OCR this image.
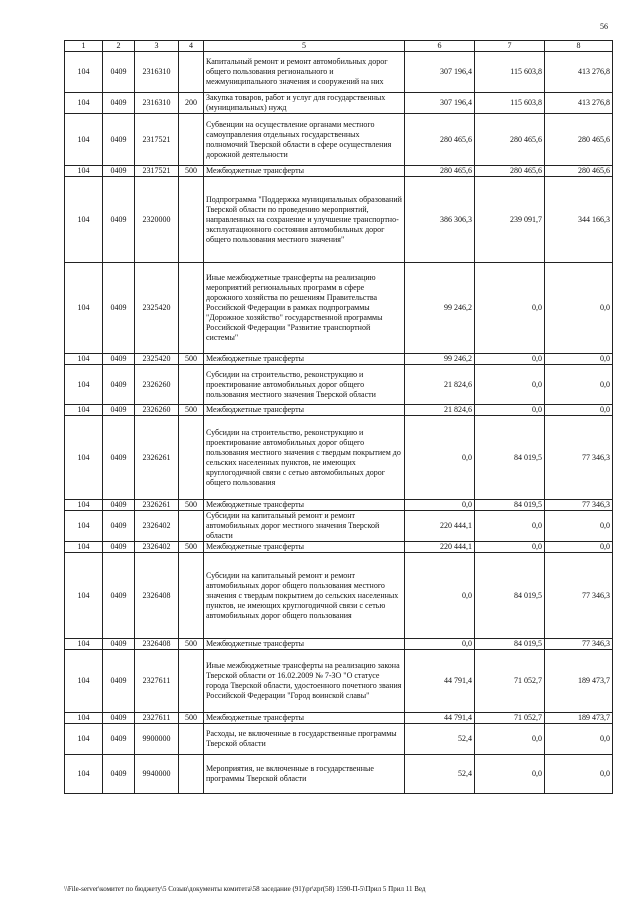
56
1	2	3	4	5	6	7	8
104	0409	2316310		Капитальный ремонт и ремонт автомобильных дорог общего пользования регионального и межмуниципального значения и сооружений на них	307 196,4	115 603,8	413 276,8
104	0409	2316310	200	Закупка товаров, работ и услуг для государственных (муниципальных) нужд	307 196,4	115 603,8	413 276,8
104	0409	2317521		Субвенции на осуществление органами местного самоуправления отдельных государственных полномочий Тверской области в сфере осуществления дорожной деятельности	280 465,6	280 465,6	280 465,6
104	0409	2317521	500	Межбюджетные трансферты	280 465,6	280 465,6	280 465,6
104	0409	2320000		Подпрограмма "Поддержка муниципальных образований Тверской области по проведению мероприятий, направленных на сохранение и улучшение транспортно-эксплуатационного состояния автомобильных дорог общего пользования местного значения"	386 306,3	239 091,7	344 166,3
104	0409	2325420		Иные межбюджетные трансферты на реализацию мероприятий региональных программ в сфере дорожного хозяйства по решениям Правительства Российской Федерации в рамках подпрограммы "Дорожное хозяйство" государственной программы Российской Федерации "Развитие транспортной системы"	99 246,2	0,0	0,0
104	0409	2325420	500	Межбюджетные трансферты	99 246,2	0,0	0,0
104	0409	2326260		Субсидии на строительство, реконструкцию и проектирование автомобильных дорог общего пользования местного значения Тверской области	21 824,6	0,0	0,0
104	0409	2326260	500	Межбюджетные трансферты	21 824,6	0,0	0,0
104	0409	2326261		Субсидии на строительство, реконструкцию и проектирование автомобильных дорог общего пользования местного значения с твердым покрытием до сельских населенных пунктов, не имеющих круглогодичной связи с сетью автомобильных дорог общего пользования	0,0	84 019,5	77 346,3
104	0409	2326261	500	Межбюджетные трансферты	0,0	84 019,5	77 346,3
104	0409	2326402		Субсидии на капитальный ремонт и ремонт автомобильных дорог местного значения Тверской области	220 444,1	0,0	0,0
104	0409	2326402	500	Межбюджетные трансферты	220 444,1	0,0	0,0
104	0409	2326408		Субсидии на капитальный ремонт и ремонт автомобильных дорог общего пользования местного значения с твердым покрытием до сельских населенных пунктов, не имеющих круглогодичной связи с сетью автомобильных дорог общего пользования	0,0	84 019,5	77 346,3
104	0409	2326408	500	Межбюджетные трансферты	0,0	84 019,5	77 346,3
104	0409	2327611		Иные межбюджетные трансферты на реализацию закона Тверской области от 16.02.2009 № 7-ЗО "О статусе города Тверской области, удостоенного почетного звания Российской Федерации "Город воинской славы"	44 791,4	71 052,7	189 473,7
104	0409	2327611	500	Межбюджетные трансферты	44 791,4	71 052,7	189 473,7
104	0409	9900000		Расходы, не включенные в государственные программы Тверской области	52,4	0,0	0,0
104	0409	9940000		Мероприятия, не включенные в государственные программы Тверской области	52,4	0,0	0,0
\\File-server\комитет по бюджету\5 Созыв\документы комитета\58 заседание (91)\pr\zpr(58) 1590-П-5\Прил 5 Прил 11 Вед
